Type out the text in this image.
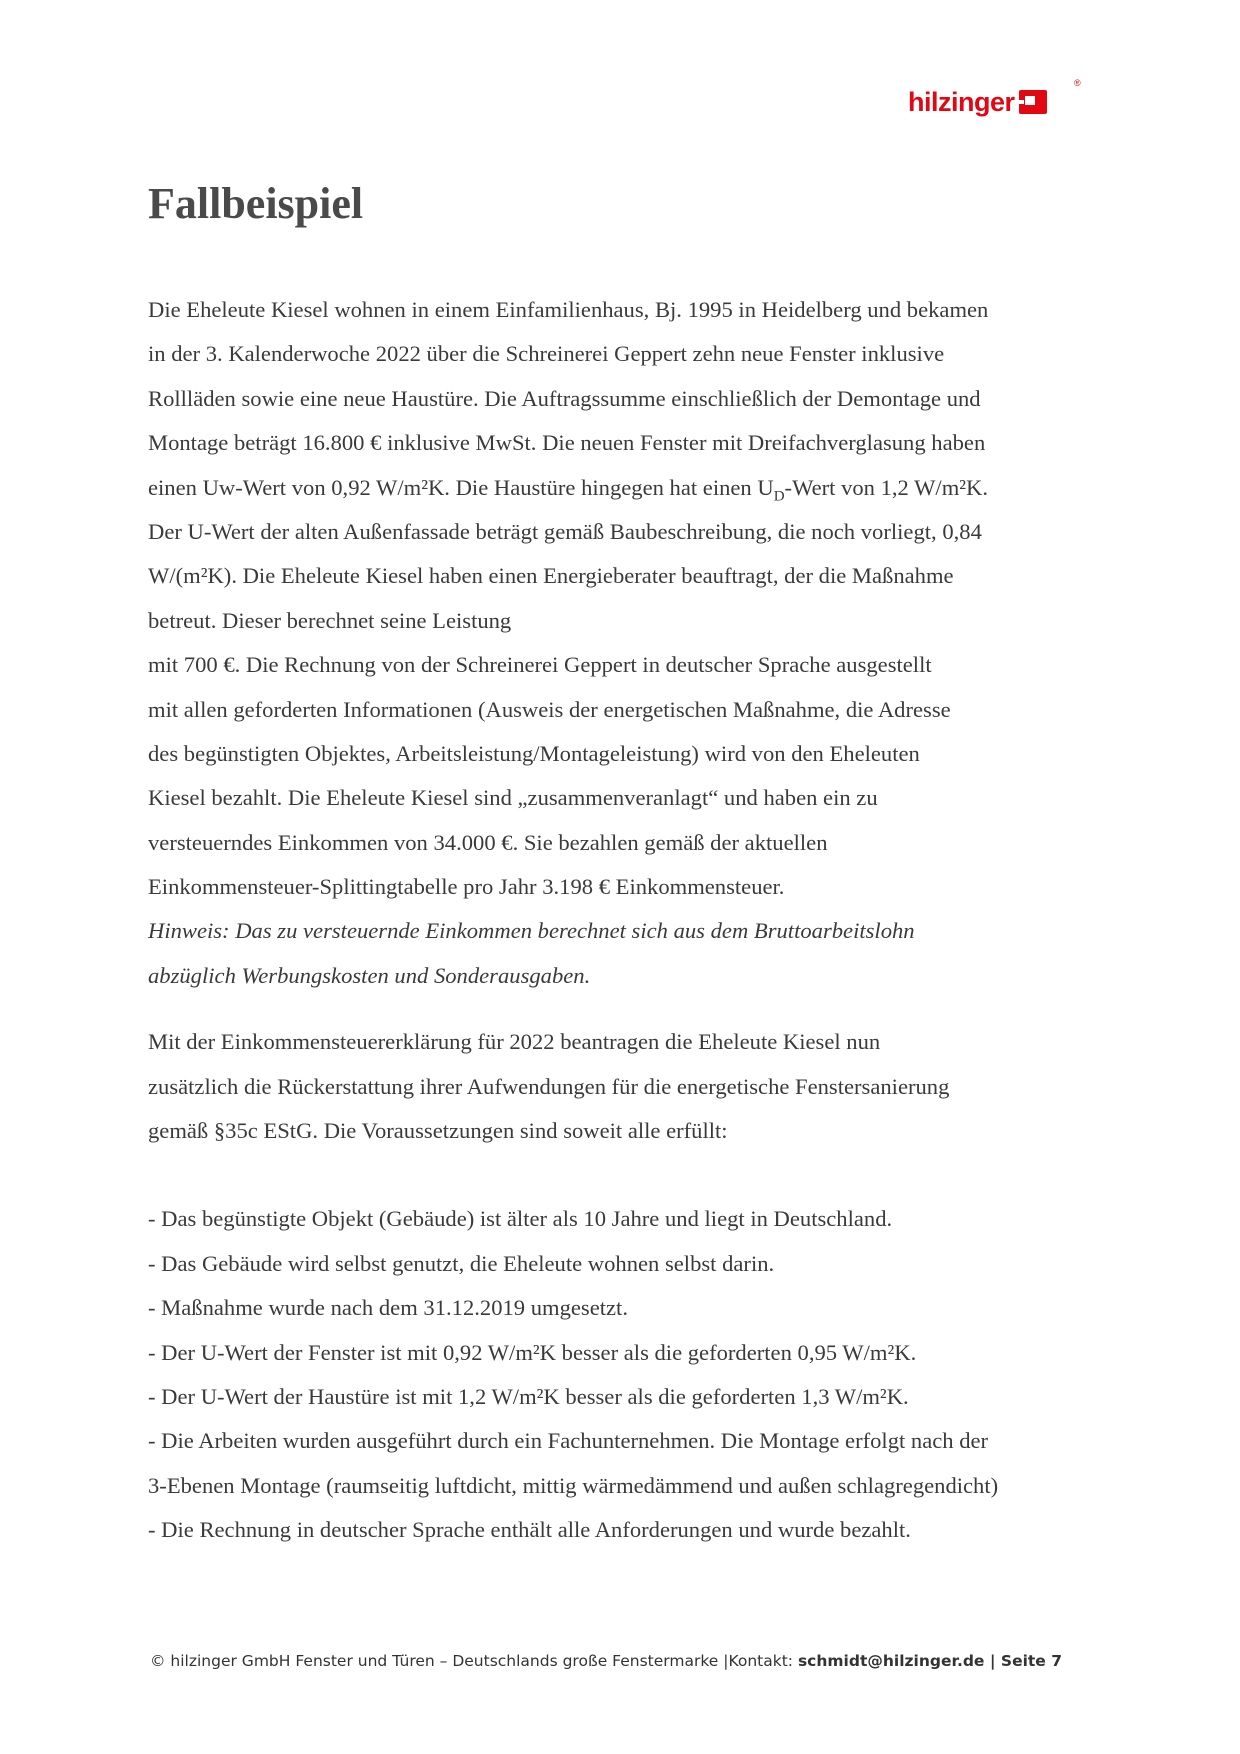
hilzinger
®
Fallbeispiel
Die Eheleute Kiesel wohnen in einem Einfamilienhaus, Bj. 1995 in Heidelberg und bekamen
in der 3. Kalenderwoche 2022 über die Schreinerei Geppert zehn neue Fenster inklusive
Rollläden sowie eine neue Haustüre. Die Auftragssumme einschließlich der Demontage und
Montage beträgt 16.800 € inklusive MwSt. Die neuen Fenster mit Dreifachverglasung haben
einen Uw-Wert von 0,92 W/m²K. Die Haustüre hingegen hat einen $U_D$-Wert von 1,2 W/m²K.
Der U-Wert der alten Außenfassade beträgt gemäß Baubeschreibung, die noch vorliegt, 0,84
W/(m²K). Die Eheleute Kiesel haben einen Energieberater beauftragt, der die Maßnahme
betreut. Dieser berechnet seine Leistung
mit 700 €. Die Rechnung von der Schreinerei Geppert in deutscher Sprache ausgestellt
mit allen geforderten Informationen (Ausweis der energetischen Maßnahme, die Adresse
des begünstigten Objektes, Arbeitsleistung/Montageleistung) wird von den Eheleuten
Kiesel bezahlt. Die Eheleute Kiesel sind „zusammenveranlagt“ und haben ein zu
versteuerndes Einkommen von 34.000 €. Sie bezahlen gemäß der aktuellen
Einkommensteuer-Splittingtabelle pro Jahr 3.198 € Einkommensteuer.
Hinweis: Das zu versteuernde Einkommen berechnet sich aus dem Bruttoarbeitslohn
abzüglich Werbungskosten und Sonderausgaben.
Mit der Einkommensteuererklärung für 2022 beantragen die Eheleute Kiesel nun
zusätzlich die Rückerstattung ihrer Aufwendungen für die energetische Fenstersanierung
gemäß §35c EStG. Die Voraussetzungen sind soweit alle erfüllt:
- Das begünstigte Objekt (Gebäude) ist älter als 10 Jahre und liegt in Deutschland.
- Das Gebäude wird selbst genutzt, die Eheleute wohnen selbst darin.
- Maßnahme wurde nach dem 31.12.2019 umgesetzt.
- Der U-Wert der Fenster ist mit 0,92 W/m²K besser als die geforderten 0,95 W/m²K.
- Der U-Wert der Haustüre ist mit 1,2 W/m²K besser als die geforderten 1,3 W/m²K.
- Die Arbeiten wurden ausgeführt durch ein Fachunternehmen. Die Montage erfolgt nach der
3-Ebenen Montage (raumseitig luftdicht, mittig wärmedämmend und außen schlagregendicht)
- Die Rechnung in deutscher Sprache enthält alle Anforderungen und wurde bezahlt.
© hilzinger GmbH Fenster und Türen – Deutschlands große Fenstermarke |Kontakt: schmidt@hilzinger.de | Seite 7
